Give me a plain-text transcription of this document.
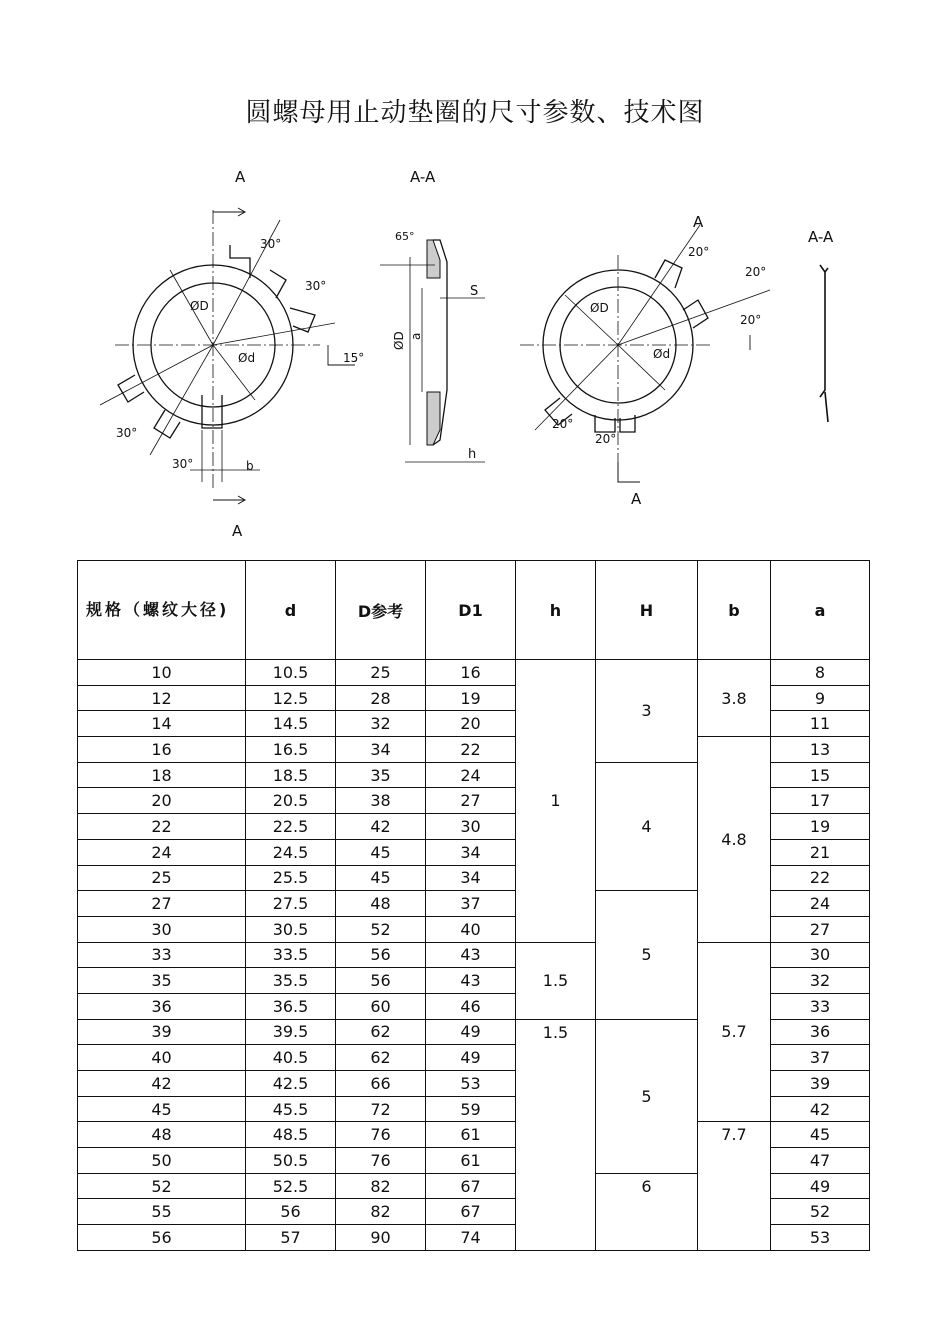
圆螺母用止动垫圈的尺寸参数、技术图
A
A
30°
30°
15°
30°
30°	b
ØD
Ød
A-A
65°
S
ØD a
h
A
A
20°
20°
20°
20°
20°
ØD
Ød
A-A
规格（螺纹大径)	d	D参考	D1	h	H	b	a
10	10.5	25	16	1	3	3.8	8
12	12.5	28	19				9
14	14.5	32	20				11
16	16.5	34	22			4.8	13
18	18.5	35	24		4		15
20	20.5	38	27				17
22	22.5	42	30				19
24	24.5	45	34				21
25	25.5	45	34				22
27	27.5	48	37		5		24
30	30.5	52	40				27
33	33.5	56	43	1.5		5.7	30
35	35.5	56	43				32
36	36.5	60	46				33
39	39.5	62	49	1.5	5		36
40	40.5	62	49				37
42	42.5	66	53				39
45	45.5	72	59				42
48	48.5	76	61			7.7	45
50	50.5	76	61				47
52	52.5	82	67		6		49
55	56	82	67				52
56	57	90	74				53
